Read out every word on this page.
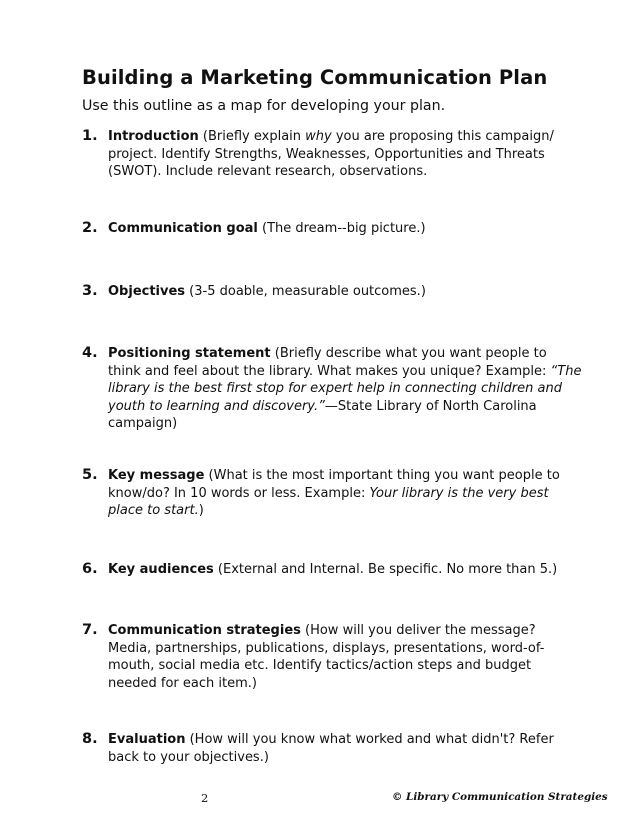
Building a Marketing Communication Plan
Use this outline as a map for developing your plan.
1. Introduction (Briefly explain why you are proposing this campaign/ project. Identify Strengths, Weaknesses, Opportunities and Threats (SWOT). Include relevant research, observations.
2. Communication goal (The dream--big picture.)
3. Objectives (3-5 doable, measurable outcomes.)
4. Positioning statement (Briefly describe what you want people to think and feel about the library. What makes you unique? Example: “The library is the best first stop for expert help in connecting children and youth to learning and discovery.”—State Library of North Carolina campaign)
5. Key message (What is the most important thing you want people to know/do? In 10 words or less. Example: Your library is the very best place to start.)
6. Key audiences (External and Internal. Be specific. No more than 5.)
7. Communication strategies (How will you deliver the message? Media, partnerships, publications, displays, presentations, word-of-mouth, social media etc. Identify tactics/action steps and budget needed for each item.)
8. Evaluation (How will you know what worked and what didn't? Refer back to your objectives.)
2	© Library Communication Strategies
